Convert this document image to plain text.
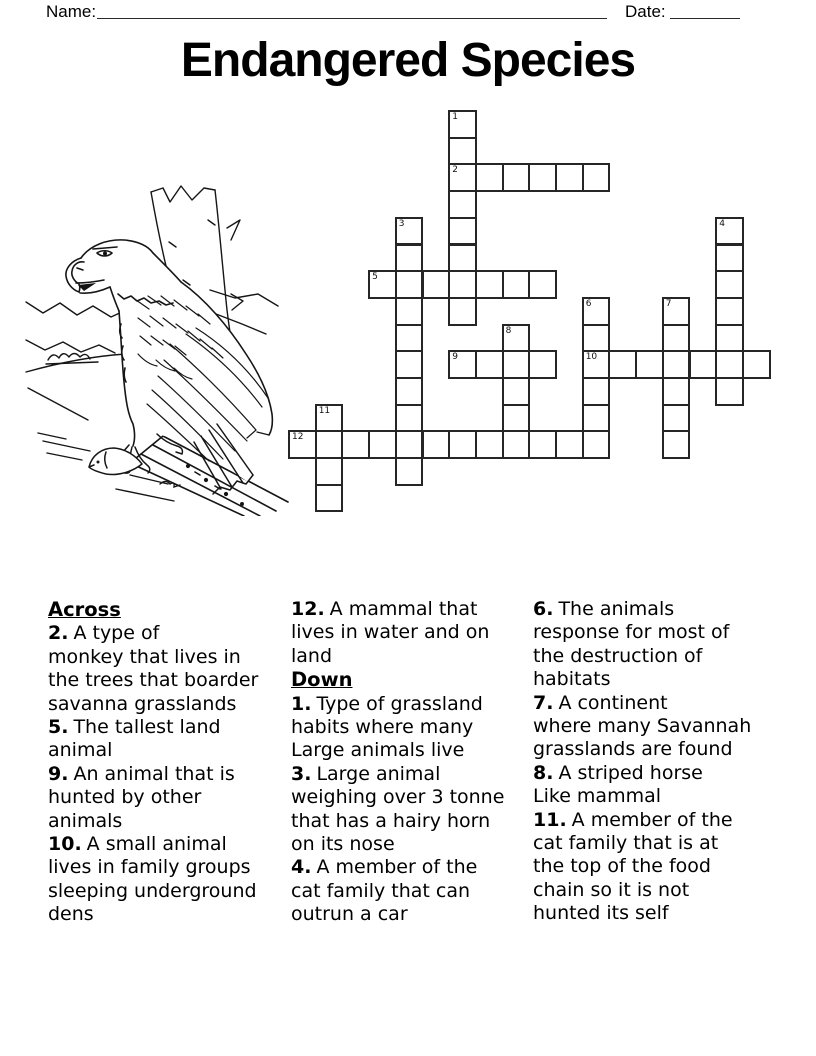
Name:	Date:
Endangered Species
1
2
3	4
5
6
10
7
8
9
11
12
Across
2. A type of
monkey that lives in
the trees that boarder
savanna grasslands
5. The tallest land
animal
9. An animal that is
hunted by other
animals
10. A small animal
lives in family groups
sleeping underground
dens
12. A mammal that
lives in water and on
land
Down
1. Type of grassland
habits where many
Large animals live
3. Large animal
weighing over 3 tonne
that has a hairy horn
on its nose
4. A member of the
cat family that can
outrun a car
6. The animals
response for most of
the destruction of
habitats
7. A continent
where many Savannah
grasslands are found
8. A striped horse
Like mammal
11. A member of the
cat family that is at
the top of the food
chain so it is not
hunted its self
